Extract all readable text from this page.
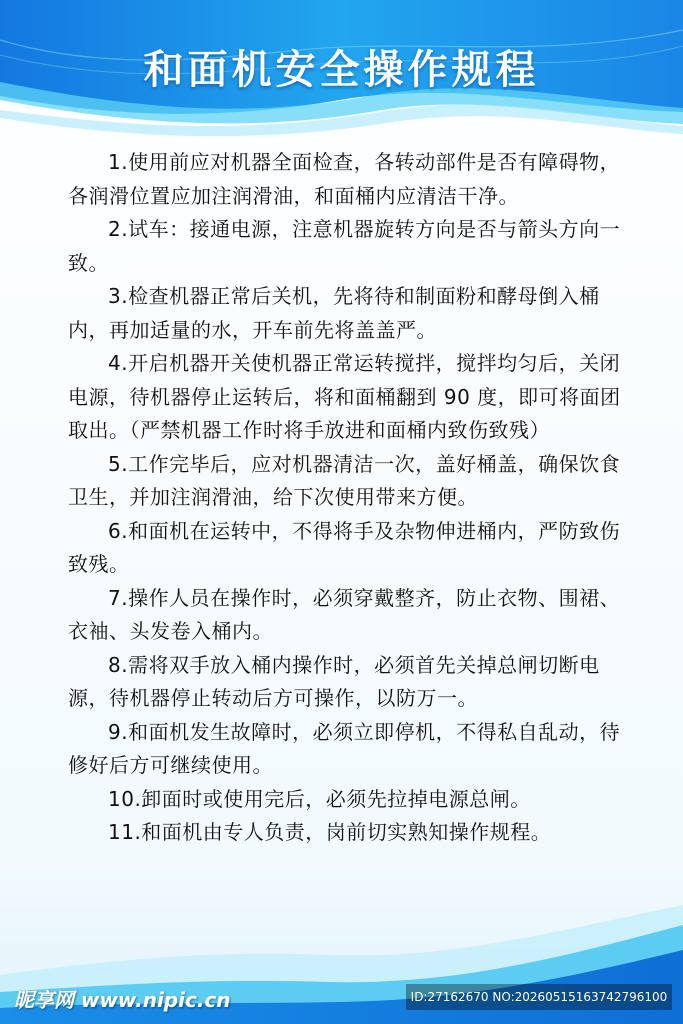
和面机安全操作规程

1.使用前应对机器全面检查，各转动部件是否有障碍物，各润滑位置应加注润滑油，和面桶内应清洁干净。

2.试车：接通电源，注意机器旋转方向是否与箭头方向一致。

3.检查机器正常后关机，先将待和制面粉和酵母倒入桶内，再加适量的水，开车前先将盖盖严。

4.开启机器开关使机器正常运转搅拌，搅拌均匀后，关闭电源，待机器停止运转后，将和面桶翻到 90 度，即可将面团取出。（严禁机器工作时将手放进和面桶内致伤致残）

5.工作完毕后，应对机器清洁一次，盖好桶盖，确保饮食卫生，并加注润滑油，给下次使用带来方便。

6.和面机在运转中，不得将手及杂物伸进桶内，严防致伤致残。

7.操作人员在操作时，必须穿戴整齐，防止衣物、围裙、衣袖、头发卷入桶内。

8.需将双手放入桶内操作时，必须首先关掉总闸切断电源，待机器停止转动后方可操作，以防万一。

9.和面机发生故障时，必须立即停机，不得私自乱动，待修好后方可继续使用。

10.卸面时或使用完后，必须先拉掉电源总闸。

11.和面机由专人负责，岗前切实熟知操作规程。

昵享网 www.nipic.cn	ID:27162670 NO:20260515163742796100
